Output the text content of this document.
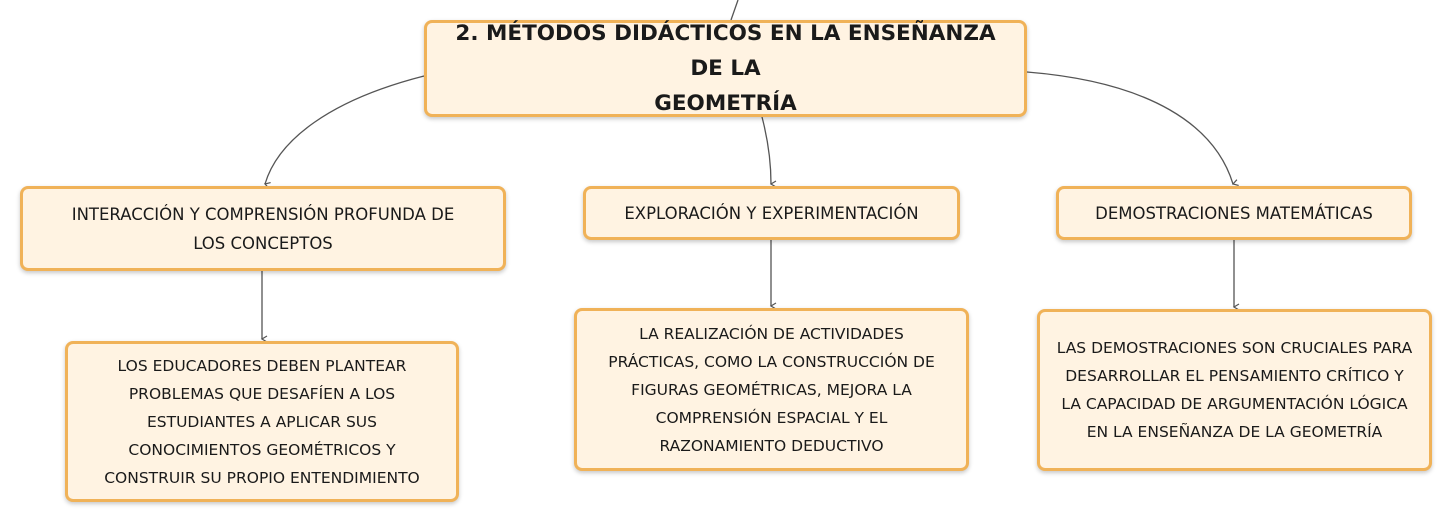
2. MÉTODOS DIDÁCTICOS EN LA ENSEÑANZA DE LA
GEOMETRÍA
INTERACCIÓN Y COMPRENSIÓN PROFUNDA DE
LOS CONCEPTOS
EXPLORACIÓN Y EXPERIMENTACIÓN	DEMOSTRACIONES MATEMÁTICAS
LOS EDUCADORES DEBEN PLANTEAR
PROBLEMAS QUE DESAFÍEN A LOS
ESTUDIANTES A APLICAR SUS
CONOCIMIENTOS GEOMÉTRICOS Y
CONSTRUIR SU PROPIO ENTENDIMIENTO
LA REALIZACIÓN DE ACTIVIDADES
PRÁCTICAS, COMO LA CONSTRUCCIÓN DE
FIGURAS GEOMÉTRICAS, MEJORA LA
COMPRENSIÓN ESPACIAL Y EL
RAZONAMIENTO DEDUCTIVO
LAS DEMOSTRACIONES SON CRUCIALES PARA
DESARROLLAR EL PENSAMIENTO CRÍTICO Y
LA CAPACIDAD DE ARGUMENTACIÓN LÓGICA
EN LA ENSEÑANZA DE LA GEOMETRÍA
